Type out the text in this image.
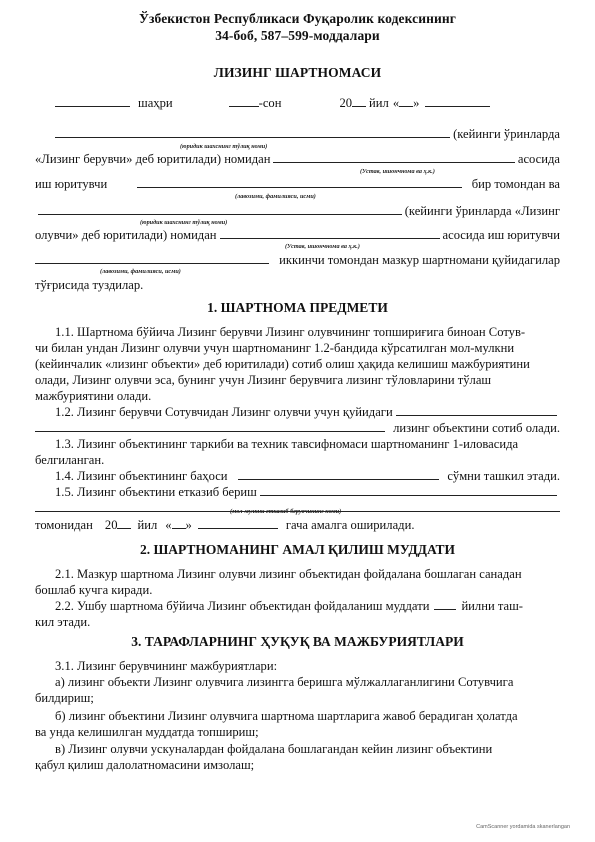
Ўзбекистон Республикаси Фуқаролик кодексининг
34-боб, 587–599-моддалари
ЛИЗИНГ ШАРТНОМАСИ
шаҳри	-сон	20 йил « »
(кейинги ўринларда
(юридик шахснинг тўлиқ номи)
«Лизинг берувчи» деб юритилади) номидан	асосида
(Устав, ишончнома ва ҳ.к.)
иш юритувчи	бир томондан ва
(лавозими, фамилияси, исми)
(кейинги ўринларда «Лизинг
(юридик шахснинг тўлиқ номи)
олувчи» деб юритилади) номидан	асосида иш юритувчи
(Устав, ишончнома ва ҳ.к.)
иккинчи томондан мазкур шартномани қуйидагилар
(лавозими, фамилияси, исми)
тўғрисида туздилар.
1. ШАРТНОМА ПРЕДМЕТИ
1.1. Шартнома бўйича Лизинг берувчи Лизинг олувчининг топшириғига биноан Сотув-
чи билан ундан Лизинг олувчи учун шартноманинг 1.2-бандида кўрсатилган мол-мулкни
(кейинчалик «лизинг объекти» деб юритилади) сотиб олиш ҳақида келишиш мажбуриятини
олади, Лизинг олувчи эса, бунинг учун Лизинг берувчига лизинг тўловларини тўлаш
мажбуриятини олади.
1.2. Лизинг берувчи Сотувчидан Лизинг олувчи учун қуйидаги
лизинг объектини сотиб олади.
1.3. Лизинг объектининг таркиби ва техник тавсифномаси шартноманинг 1-иловасида
белгиланган.
1.4. Лизинг объектининг баҳоси	сўмни ташкил этади.
1.5. Лизинг объектини етказиб бериш
(мол-мулкни етказиб берувчининг номи)
томонидан 20 йил « »	гача амалга оширилади.
2. ШАРТНОМАНИНГ АМАЛ ҚИЛИШ МУДДАТИ
2.1. Мазкур шартнома Лизинг олувчи лизинг объектидан фойдалана бошлаган санадан
бошлаб кучга киради.
2.2. Ушбу шартнома бўйича Лизинг объектидан фойдаланиш муддати	йилни таш-
кил этади.
3. ТАРАФЛАРНИНГ ҲУҚУҚ ВА МАЖБУРИЯТЛАРИ
3.1. Лизинг берувчининг мажбуриятлари:
а) лизинг объекти Лизинг олувчига лизингга беришга мўлжаллаганлигини Сотувчига
билдириш;
б) лизинг объектини Лизинг олувчига шартнома шартларига жавоб берадиган ҳолатда
ва унда келишилган муддатда топшириш;
в) Лизинг олувчи ускуналардан фойдалана бошлагандан кейин лизинг объектини
қабул қилиш далолатномасини имзолаш;
CamScanner yordamida skanerlangan
